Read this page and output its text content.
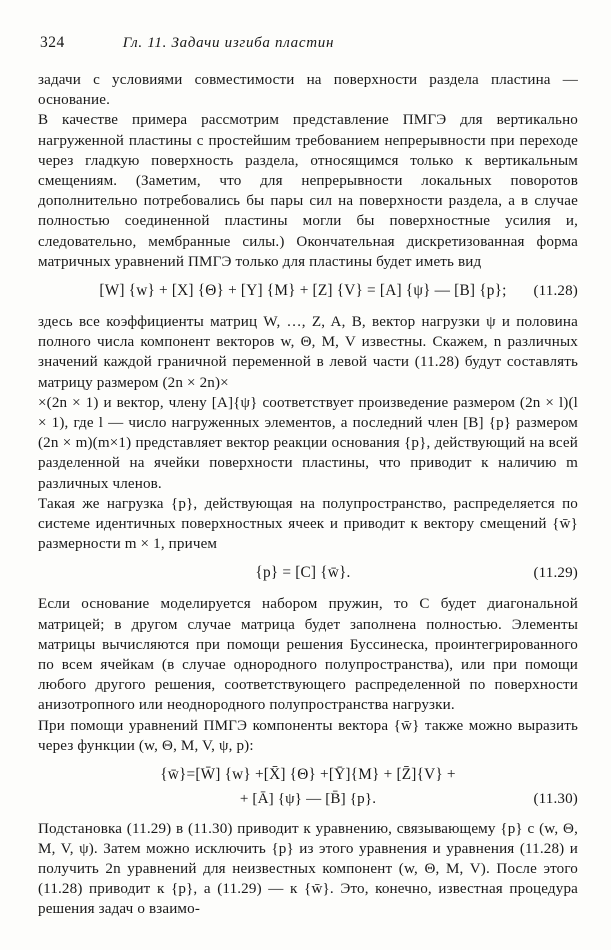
324	Гл. 11. Задачи изгиба пластин

задачи с условиями совместимости на поверхности раздела пластина — основание.

В качестве примера рассмотрим представление ПМГЭ для вертикально нагруженной пластины с простейшим требованием непрерывности при переходе через гладкую поверхность раздела, относящимся только к вертикальным смещениям. (Заметим, что для непрерывности локальных поворотов дополнительно потребовались бы пары сил на поверхности раздела, а в случае полностью соединенной пластины могли бы поверхностные усилия и, следовательно, мембранные силы.) Окончательная дискретизованная форма матричных уравнений ПМГЭ только для пластины будет иметь вид

[W] {w} + [X] {Θ} + [Y] {M} + [Z] {V} = [A] {ψ} — [B] {p};	(11.28)

здесь все коэффициенты матриц W, …, Z, A, B, вектор нагрузки ψ и половина полного числа компонент векторов w, Θ, M, V известны. Скажем, n различных значений каждой граничной переменной в левой части (11.28) будут составлять матрицу размером (2n × 2n)×

×(2n × 1) и вектор, члену [A]{ψ} соответствует произведение размером (2n × l)(l × 1), где l — число нагруженных элементов, а последний член [B] {p} размером (2n × m)(m×1) представляет вектор реакции основания {p}, действующий на всей разделенной на ячейки поверхности пластины, что приводит к наличию m различных членов.

Такая же нагрузка {p}, действующая на полупространство, распределяется по системе идентичных поверхностных ячеек и приводит к вектору смещений {w̄} размерности m × 1, причем

{p} = [C] {w̄}.	(11.29)

Если основание моделируется набором пружин, то C будет диагональной матрицей; в другом случае матрица будет заполнена полностью. Элементы матрицы вычисляются при помощи решения Буссинеска, проинтегрированного по всем ячейкам (в случае однородного полупространства), или при помощи любого другого решения, соответствующего распределенной по поверхности анизотропного или неоднородного полупространства нагрузки.

При помощи уравнений ПМГЭ компоненты вектора {w̄} также можно выразить через функции (w, Θ, M, V, ψ, p):

{w̄}=[W̄] {w} +[X̄] {Θ} +[Ȳ]{M} + [Z̄]{V} +
+ [Ā] {ψ} — [B̄] {p}.	(11.30)

Подстановка (11.29) в (11.30) приводит к уравнению, связывающему {p} с (w, Θ, M, V, ψ). Затем можно исключить {p} из этого уравнения и уравнения (11.28) и получить 2n уравнений для неизвестных компонент (w, Θ, M, V). После этого (11.28) приводит к {p}, а (11.29) — к {w̄}. Это, конечно, известная процедура решения задач о взаимо-
